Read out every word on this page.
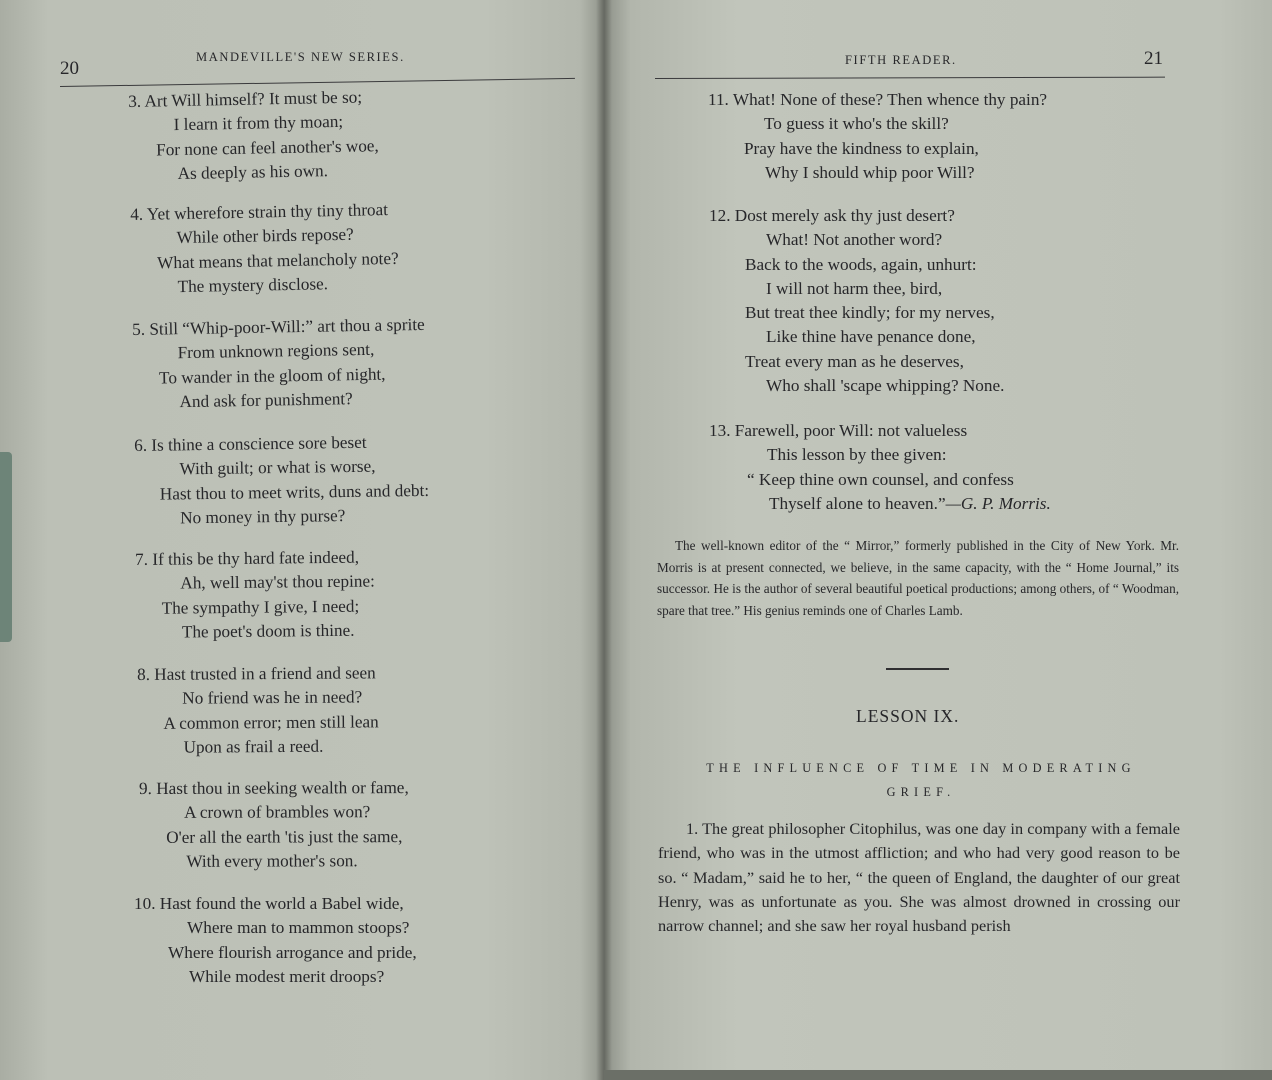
20
MANDEVILLE'S NEW SERIES.	FIFTH READER.	21
3. Art Will himself? It must be so;
I learn it from thy moan;
For none can feel another's woe,
As deeply as his own.
4. Yet wherefore strain thy tiny throat
While other birds repose?
What means that melancholy note?
The mystery disclose.
5. Still “Whip-poor-Will:” art thou a sprite
From unknown regions sent,
To wander in the gloom of night,
And ask for punishment?
6. Is thine a conscience sore beset
With guilt; or what is worse,
Hast thou to meet writs, duns and debt:
No money in thy purse?
7. If this be thy hard fate indeed,
Ah, well may'st thou repine:
The sympathy I give, I need;
The poet's doom is thine.
8. Hast trusted in a friend and seen
No friend was he in need?
A common error; men still lean
Upon as frail a reed.
9. Hast thou in seeking wealth or fame,
A crown of brambles won?
O'er all the earth 'tis just the same,
With every mother's son.
10. Hast found the world a Babel wide,
Where man to mammon stoops?
Where flourish arrogance and pride,
While modest merit droops?
11. What! None of these? Then whence thy pain?
To guess it who's the skill?
Pray have the kindness to explain,
Why I should whip poor Will?
12. Dost merely ask thy just desert?
What! Not another word?
Back to the woods, again, unhurt:
I will not harm thee, bird,
But treat thee kindly; for my nerves,
Like thine have penance done,
Treat every man as he deserves,
Who shall 'scape whipping? None.
13. Farewell, poor Will: not valueless
This lesson by thee given:
“ Keep thine own counsel, and confess
Thyself alone to heaven.”—G. P. Morris.
The well-known editor of the “ Mirror,” formerly published in the City of New York. Mr. Morris is at present connected, we believe, in the same capacity, with the “ Home Journal,” its successor. He is the author of several beautiful poetical productions; among others, of “ Woodman, spare that tree.” His genius reminds one of Charles Lamb.
LESSON IX.
THE INFLUENCE OF TIME IN MODERATING
GRIEF.
1. The great philosopher Citophilus, was one day in company with a female friend, who was in the utmost affliction; and who had very good reason to be so. “ Madam,” said he to her, “ the queen of England, the daughter of our great Henry, was as unfortunate as you. She was almost drowned in crossing our narrow channel; and she saw her royal husband perish
